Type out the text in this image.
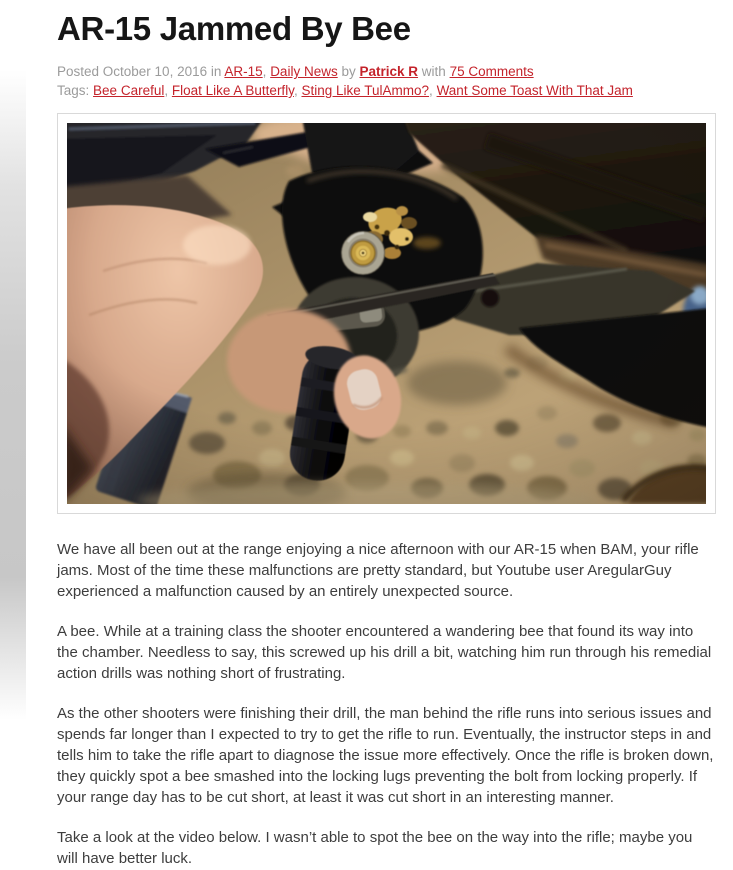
AR-15 Jammed By Bee
Posted October 10, 2016 in AR-15, Daily News by Patrick R with 75 Comments
Tags: Bee Careful, Float Like A Butterfly, Sting Like TulAmmo?, Want Some Toast With That Jam

We have all been out at the range enjoying a nice afternoon with our AR-15 when BAM, your rifle jams. Most of the time these malfunctions are pretty standard, but Youtube user AregularGuy experienced a malfunction caused by an entirely unexpected source.

A bee. While at a training class the shooter encountered a wandering bee that found its way into the chamber. Needless to say, this screwed up his drill a bit, watching him run through his remedial action drills was nothing short of frustrating.

As the other shooters were finishing their drill, the man behind the rifle runs into serious issues and spends far longer than I expected to try to get the rifle to run. Eventually, the instructor steps in and tells him to take the rifle apart to diagnose the issue more effectively. Once the rifle is broken down, they quickly spot a bee smashed into the locking lugs preventing the bolt from locking properly. If your range day has to be cut short, at least it was cut short in an interesting manner.

Take a look at the video below. I wasn’t able to spot the bee on the way into the rifle; maybe you will have better luck.
